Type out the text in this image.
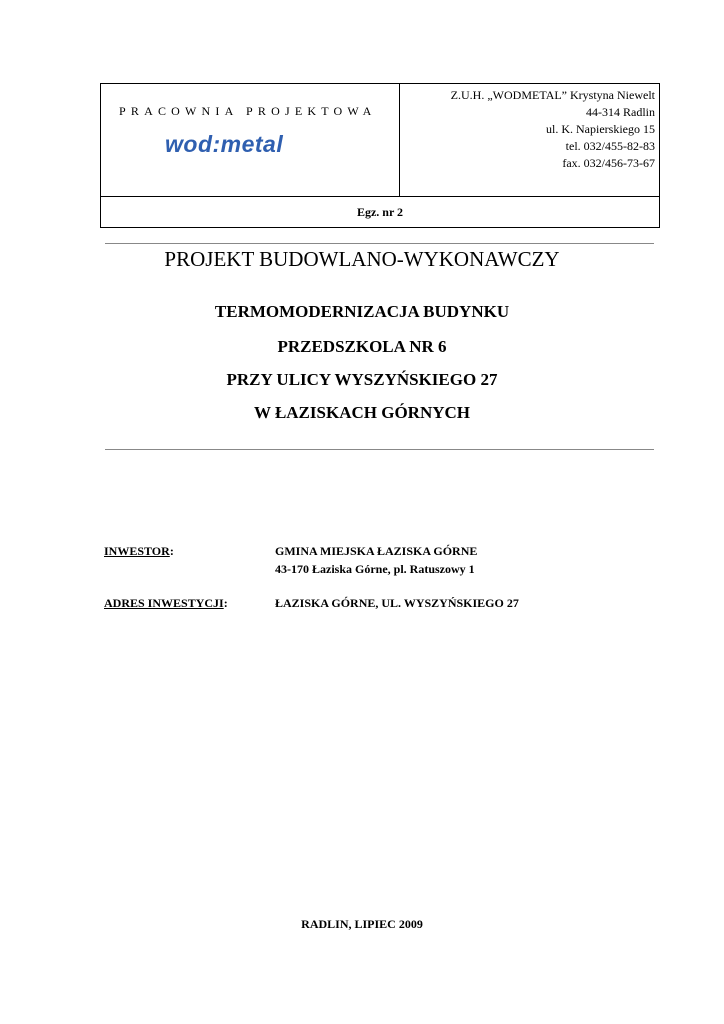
PRACOWNIA PROJEKTOWA
wod:metal
Z.U.H. „WODMETAL” Krystyna Niewelt
44-314 Radlin
ul. K. Napierskiego 15
tel. 032/455-82-83
fax. 032/456-73-67
Egz. nr 2
PROJEKT BUDOWLANO-WYKONAWCZY
TERMOMODERNIZACJA BUDYNKU
PRZEDSZKOLA NR 6
PRZY ULICY WYSZYŃSKIEGO 27
W ŁAZISKACH GÓRNYCH
INWESTOR:	GMINA MIEJSKA ŁAZISKA GÓRNE
43-170 Łaziska Górne, pl. Ratuszowy 1
ADRES INWESTYCJI:	ŁAZISKA GÓRNE, UL. WYSZYŃSKIEGO 27
RADLIN, LIPIEC 2009
